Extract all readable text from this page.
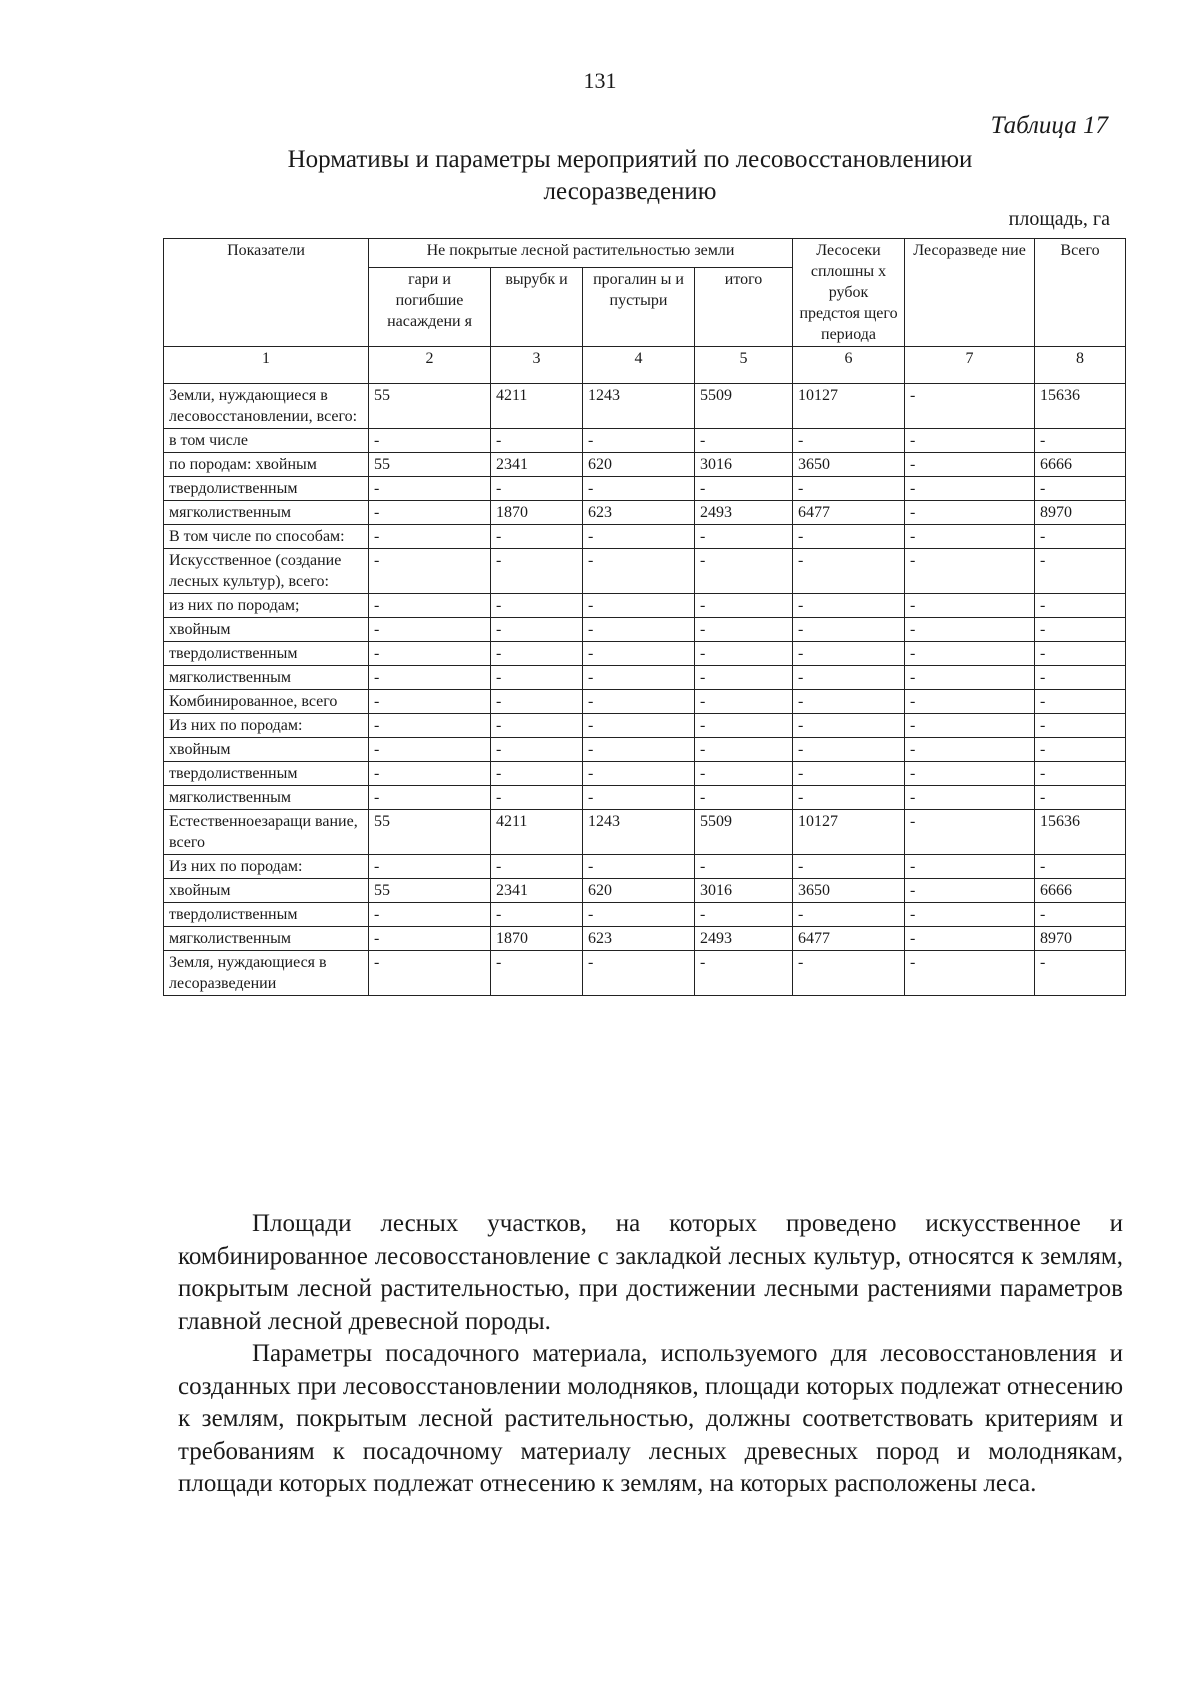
131
Таблица 17
Нормативы и параметры мероприятий по лесовосстановлениюи
лесоразведению
площадь, га
Показатели	Не покрытые лесной растительностью земли				Лесосеки сплошны х рубок предстоя щего периода	Лесоразведе ние	Всего
	гари и погибшие насаждени я	вырубк и	прогалин ы и пустыри	итого			
1	2	3	4	5	6	7	8
Земли, нуждающиеся в лесовосстановлении, всего:	55	4211	1243	5509	10127	-	15636
в том числе	-	-	-	-	-	-	-
по породам: хвойным	55	2341	620	3016	3650	-	6666
твердолиственным	-	-	-	-	-	-	-
мягколиственным	-	1870	623	2493	6477	-	8970
В том числе по способам:	-	-	-	-	-	-	-
Искусственное (создание лесных культур), всего:	-	-	-	-	-	-	-
из них по породам;	-	-	-	-	-	-	-
хвойным	-	-	-	-	-	-	-
твердолиственным	-	-	-	-	-	-	-
мягколиственным	-	-	-	-	-	-	-
Комбинированное, всего	-	-	-	-	-	-	-
Из них по породам:	-	-	-	-	-	-	-
хвойным	-	-	-	-	-	-	-
твердолиственным	-	-	-	-	-	-	-
мягколиственным	-	-	-	-	-	-	-
Естественноезаращи вание, всего	55	4211	1243	5509	10127	-	15636
Из них по породам:	-	-	-	-	-	-	-
хвойным	55	2341	620	3016	3650	-	6666
твердолиственным	-	-	-	-	-	-	-
мягколиственным	-	1870	623	2493	6477	-	8970
Земля, нуждающиеся в лесоразведении	-	-	-	-	-	-	-

Площади лесных участков, на которых проведено искусственное и комбинированное лесовосстановление с закладкой лесных культур, относятся к землям, покрытым лесной растительностью, при достижении лесными растениями параметров главной лесной древесной породы.

Параметры посадочного материала, используемого для лесовосстановления и созданных при лесовосстановлении молодняков, площади которых подлежат отнесению к землям, покрытым лесной растительностью, должны соответствовать критериям и требованиям к посадочному материалу лесных древесных пород и молоднякам, площади которых подлежат отнесению к землям, на которых расположены леса.
